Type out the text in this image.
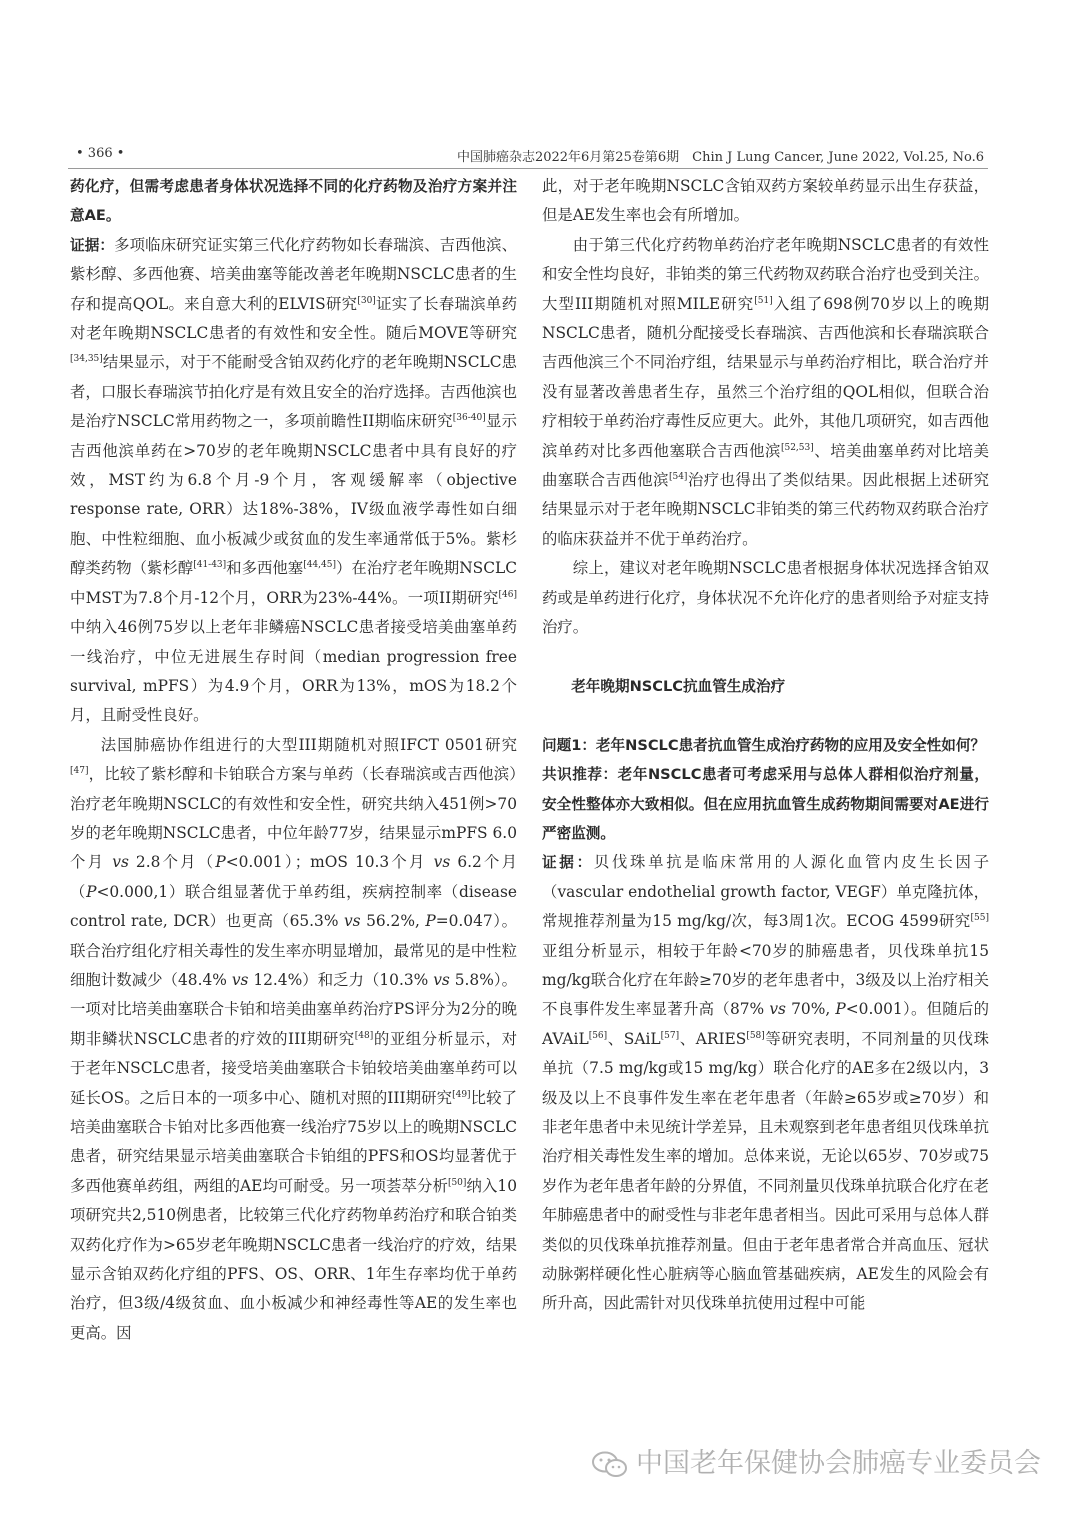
• 366 •	中国肺癌杂志2022年6月第25卷第6期　Chin J Lung Cancer, June 2022, Vol.25, No.6

药化疗，但需考虑患者身体状况选择不同的化疗药物及治疗方案并注意AE。

证据：多项临床研究证实第三代化疗药物如长春瑞滨、吉西他滨、紫杉醇、多西他赛、培美曲塞等能改善老年晚期NSCLC患者的生存和提高QOL。来自意大利的ELVIS研究[30]证实了长春瑞滨单药对老年晚期NSCLC患者的有效性和安全性。随后MOVE等研究[34,35]结果显示，对于不能耐受含铂双药化疗的老年晚期NSCLC患者，口服长春瑞滨节拍化疗是有效且安全的治疗选择。吉西他滨也是治疗NSCLC常用药物之一，多项前瞻性II期临床研究[36-40]显示吉西他滨单药在>70岁的老年晚期NSCLC患者中具有良好的疗效，MST约为6.8个月-9个月，客观缓解率（objective response rate, ORR）达18%-38%，IV级血液学毒性如白细胞、中性粒细胞、血小板减少或贫血的发生率通常低于5%。紫杉醇类药物（紫杉醇[41-43]和多西他塞[44,45]）在治疗老年晚期NSCLC中MST为7.8个月-12个月，ORR为23%-44%。一项II期研究[46]中纳入46例75岁以上老年非鳞癌NSCLC患者接受培美曲塞单药一线治疗，中位无进展生存时间（median progression free survival, mPFS）为4.9个月，ORR为13%，mOS为18.2个月，且耐受性良好。

法国肺癌协作组进行的大型III期随机对照IFCT 0501研究[47]，比较了紫杉醇和卡铂联合方案与单药（长春瑞滨或吉西他滨）治疗老年晚期NSCLC的有效性和安全性，研究共纳入451例>70岁的老年晚期NSCLC患者，中位年龄77岁，结果显示mPFS 6.0个月 vs 2.8个月（P<0.001）；mOS 10.3个月 vs 6.2个月（P<0.000,1）联合组显著优于单药组，疾病控制率（disease control rate, DCR）也更高（65.3% vs 56.2%, P=0.047）。联合治疗组化疗相关毒性的发生率亦明显增加，最常见的是中性粒细胞计数减少（48.4% vs 12.4%）和乏力（10.3% vs 5.8%）。一项对比培美曲塞联合卡铂和培美曲塞单药治疗PS评分为2分的晚期非鳞状NSCLC患者的疗效的III期研究[48]的亚组分析显示，对于老年NSCLC患者，接受培美曲塞联合卡铂较培美曲塞单药可以延长OS。之后日本的一项多中心、随机对照的III期研究[49]比较了培美曲塞联合卡铂对比多西他赛一线治疗75岁以上的晚期NSCLC患者，研究结果显示培美曲塞联合卡铂组的PFS和OS均显著优于多西他赛单药组，两组的AE均可耐受。另一项荟萃分析[50]纳入10项研究共2,510例患者，比较第三代化疗药物单药治疗和联合铂类双药化疗作为>65岁老年晚期NSCLC患者一线治疗的疗效，结果显示含铂双药化疗组的PFS、OS、ORR、1年生存率均优于单药治疗，但3级/4级贫血、血小板减少和神经毒性等AE的发生率也更高。因

此，对于老年晚期NSCLC含铂双药方案较单药显示出生存获益，但是AE发生率也会有所增加。

由于第三代化疗药物单药治疗老年晚期NSCLC患者的有效性和安全性均良好，非铂类的第三代药物双药联合治疗也受到关注。大型III期随机对照MILE研究[51]入组了698例70岁以上的晚期NSCLC患者，随机分配接受长春瑞滨、吉西他滨和长春瑞滨联合吉西他滨三个不同治疗组，结果显示与单药治疗相比，联合治疗并没有显著改善患者生存，虽然三个治疗组的QOL相似，但联合治疗相较于单药治疗毒性反应更大。此外，其他几项研究，如吉西他滨单药对比多西他塞联合吉西他滨[52,53]、培美曲塞单药对比培美曲塞联合吉西他滨[54]治疗也得出了类似结果。因此根据上述研究结果显示对于老年晚期NSCLC非铂类的第三代药物双药联合治疗的临床获益并不优于单药治疗。

综上，建议对老年晚期NSCLC患者根据身体状况选择含铂双药或是单药进行化疗，身体状况不允许化疗的患者则给予对症支持治疗。

老年晚期NSCLC抗血管生成治疗

问题1：老年NSCLC患者抗血管生成治疗药物的应用及安全性如何？

共识推荐：老年NSCLC患者可考虑采用与总体人群相似治疗剂量，安全性整体亦大致相似。但在应用抗血管生成药物期间需要对AE进行严密监测。

证据：贝伐珠单抗是临床常用的人源化血管内皮生长因子（vascular endothelial growth factor, VEGF）单克隆抗体，常规推荐剂量为15 mg/kg/次，每3周1次。ECOG 4599研究[55]亚组分析显示，相较于年龄<70岁的肺癌患者，贝伐珠单抗15 mg/kg联合化疗在年龄≥70岁的老年患者中，3级及以上治疗相关不良事件发生率显著升高（87% vs 70%, P<0.001）。但随后的AVAiL[56]、SAiL[57]、ARIES[58]等研究表明，不同剂量的贝伐珠单抗（7.5 mg/kg或15 mg/kg）联合化疗的AE多在2级以内，3级及以上不良事件发生率在老年患者（年龄≥65岁或≥70岁）和非老年患者中未见统计学差异，且未观察到老年患者组贝伐珠单抗治疗相关毒性发生率的增加。总体来说，无论以65岁、70岁或75岁作为老年患者年龄的分界值，不同剂量贝伐珠单抗联合化疗在老年肺癌患者中的耐受性与非老年患者相当。因此可采用与总体人群类似的贝伐珠单抗推荐剂量。但由于老年患者常合并高血压、冠状动脉粥样硬化性心脏病等心脑血管基础疾病，AE发生的风险会有所升高，因此需针对贝伐珠单抗使用过程中可能

中国老年保健协会肺癌专业委员会
